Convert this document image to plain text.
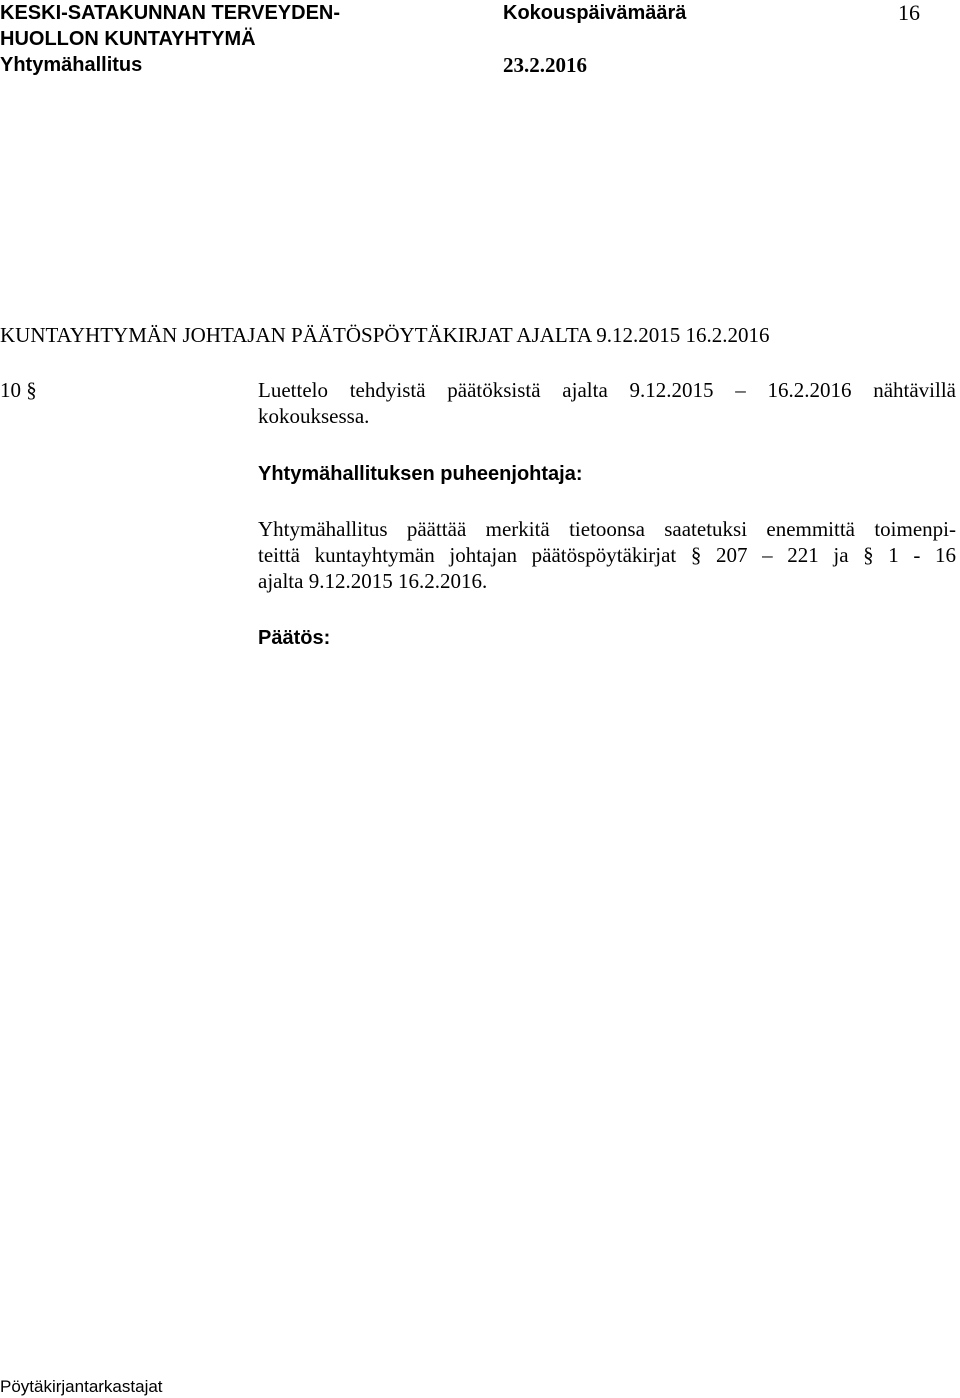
KESKI-SATAKUNNAN TERVEYDEN-
HUOLLON KUNTAYHTYMÄ
Yhtymähallitus
Kokouspäivämäärä
23.2.2016
16
KUNTAYHTYMÄN JOHTAJAN PÄÄTÖSPÖYTÄKIRJAT AJALTA 9.12.2015 16.2.2016
10 §	Luettelo tehdyistä päätöksistä ajalta 9.12.2015 – 16.2.2016 nähtävillä
kokouksessa.
Yhtymähallituksen puheenjohtaja:
Yhtymähallitus päättää merkitä tietoonsa saatetuksi enemmittä toimenpi-
teittä kuntayhtymän johtajan päätöspöytäkirjat § 207 – 221 ja § 1 - 16
ajalta 9.12.2015 16.2.2016.
Päätös:
Pöytäkirjantarkastajat
